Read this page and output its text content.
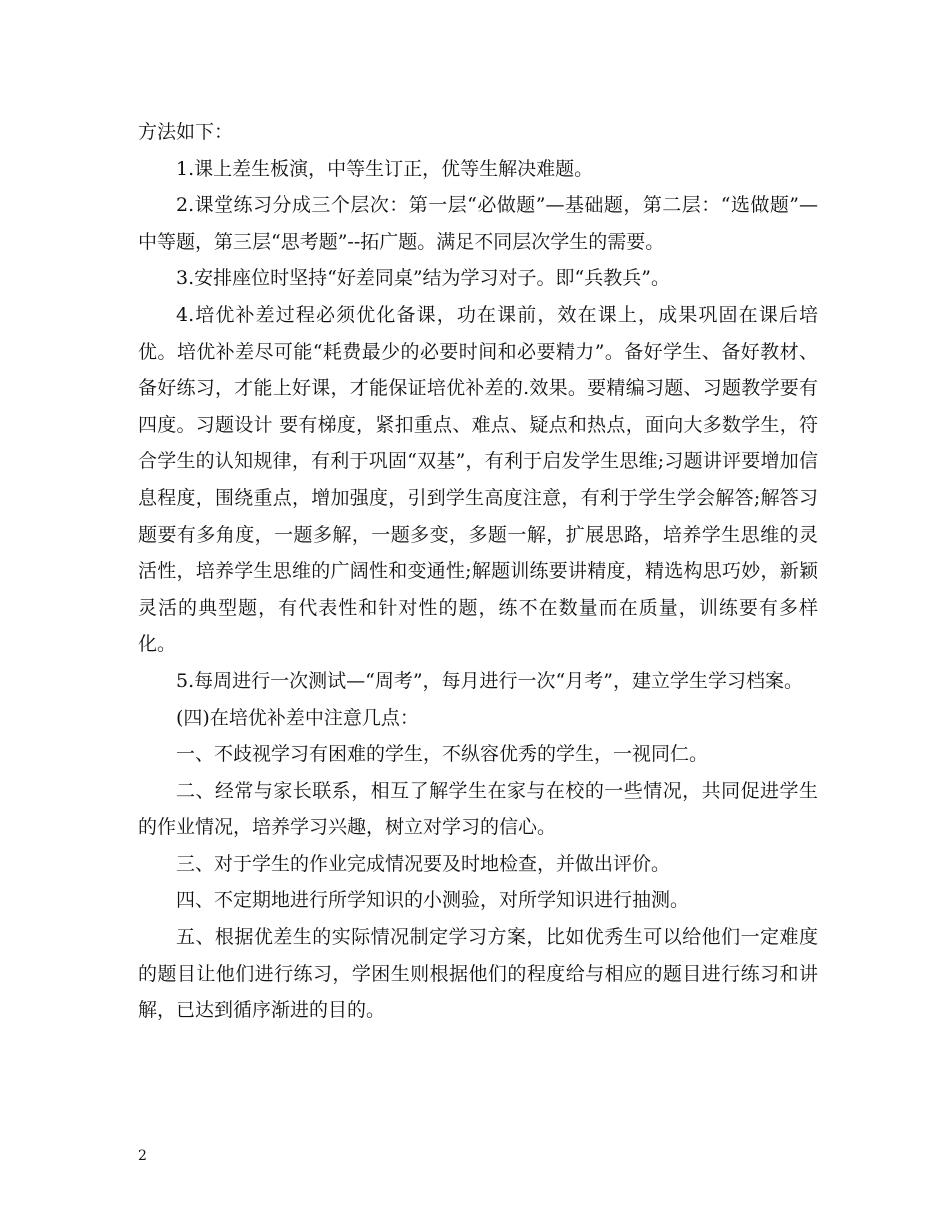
方法如下：

1.课上差生板演，中等生订正，优等生解决难题。

2.课堂练习分成三个层次：第一层“必做题”—基础题，第二层：“选做题”—中等题，第三层“思考题”--拓广题。满足不同层次学生的需要。

3.安排座位时坚持“好差同桌”结为学习对子。即“兵教兵”。

4.培优补差过程必须优化备课，功在课前，效在课上，成果巩固在课后培优。培优补差尽可能“耗费最少的必要时间和必要精力”。备好学生、备好教材、备好练习，才能上好课，才能保证培优补差的.效果。要精编习题、习题教学要有四度。习题设计 要有梯度，紧扣重点、难点、疑点和热点，面向大多数学生，符合学生的认知规律，有利于巩固“双基”，有利于启发学生思维;习题讲评要增加信息程度，围绕重点，增加强度，引到学生高度注意，有利于学生学会解答;解答习题要有多角度，一题多解，一题多变，多题一解，扩展思路，培养学生思维的灵活性，培养学生思维的广阔性和变通性;解题训练要讲精度，精选构思巧妙，新颖灵活的典型题，有代表性和针对性的题，练不在数量而在质量，训练要有多样化。

5.每周进行一次测试—“周考”，每月进行一次“月考”，建立学生学习档案。

(四)在培优补差中注意几点：

一、不歧视学习有困难的学生，不纵容优秀的学生，一视同仁。

二、经常与家长联系，相互了解学生在家与在校的一些情况，共同促进学生的作业情况，培养学习兴趣，树立对学习的信心。

三、对于学生的作业完成情况要及时地检查，并做出评价。

四、不定期地进行所学知识的小测验，对所学知识进行抽测。

五、根据优差生的实际情况制定学习方案，比如优秀生可以给他们一定难度的题目让他们进行练习，学困生则根据他们的程度给与相应的题目进行练习和讲解，已达到循序渐进的目的。

2
